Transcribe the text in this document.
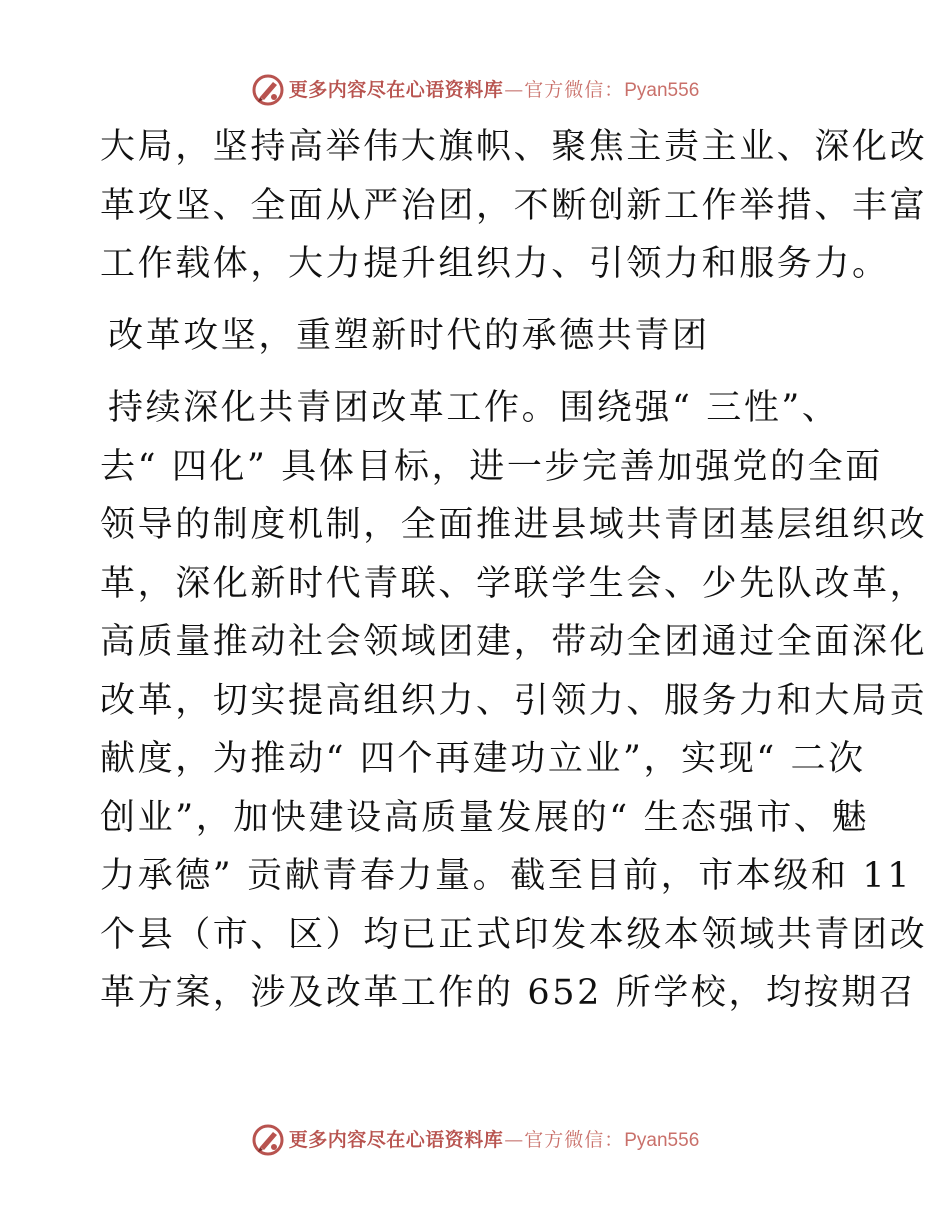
更多内容尽在心语资料库 — 官方微信： Pyan556
大局，坚持高举伟大旗帜、聚焦主责主业、深化改
革攻坚、全面从严治团，不断创新工作举措、丰富
工作载体，大力提升组织力、引领力和服务力。
改革攻坚，重塑新时代的承德共青团
持续深化共青团改革工作。围绕强“ 三性”、
去“ 四化” 具体目标，进一步完善加强党的全面
领导的制度机制，全面推进县域共青团基层组织改
革，深化新时代青联、学联学生会、少先队改革，
高质量推动社会领域团建，带动全团通过全面深化
改革，切实提高组织力、引领力、服务力和大局贡
献度，为推动“ 四个再建功立业”，实现“ 二次
创业”，加快建设高质量发展的“ 生态强市、魅
力承德” 贡献青春力量。截至目前，市本级和 11
个县（市、区）均已正式印发本级本领域共青团改
革方案，涉及改革工作的 652 所学校，均按期召
更多内容尽在心语资料库 — 官方微信： Pyan556
